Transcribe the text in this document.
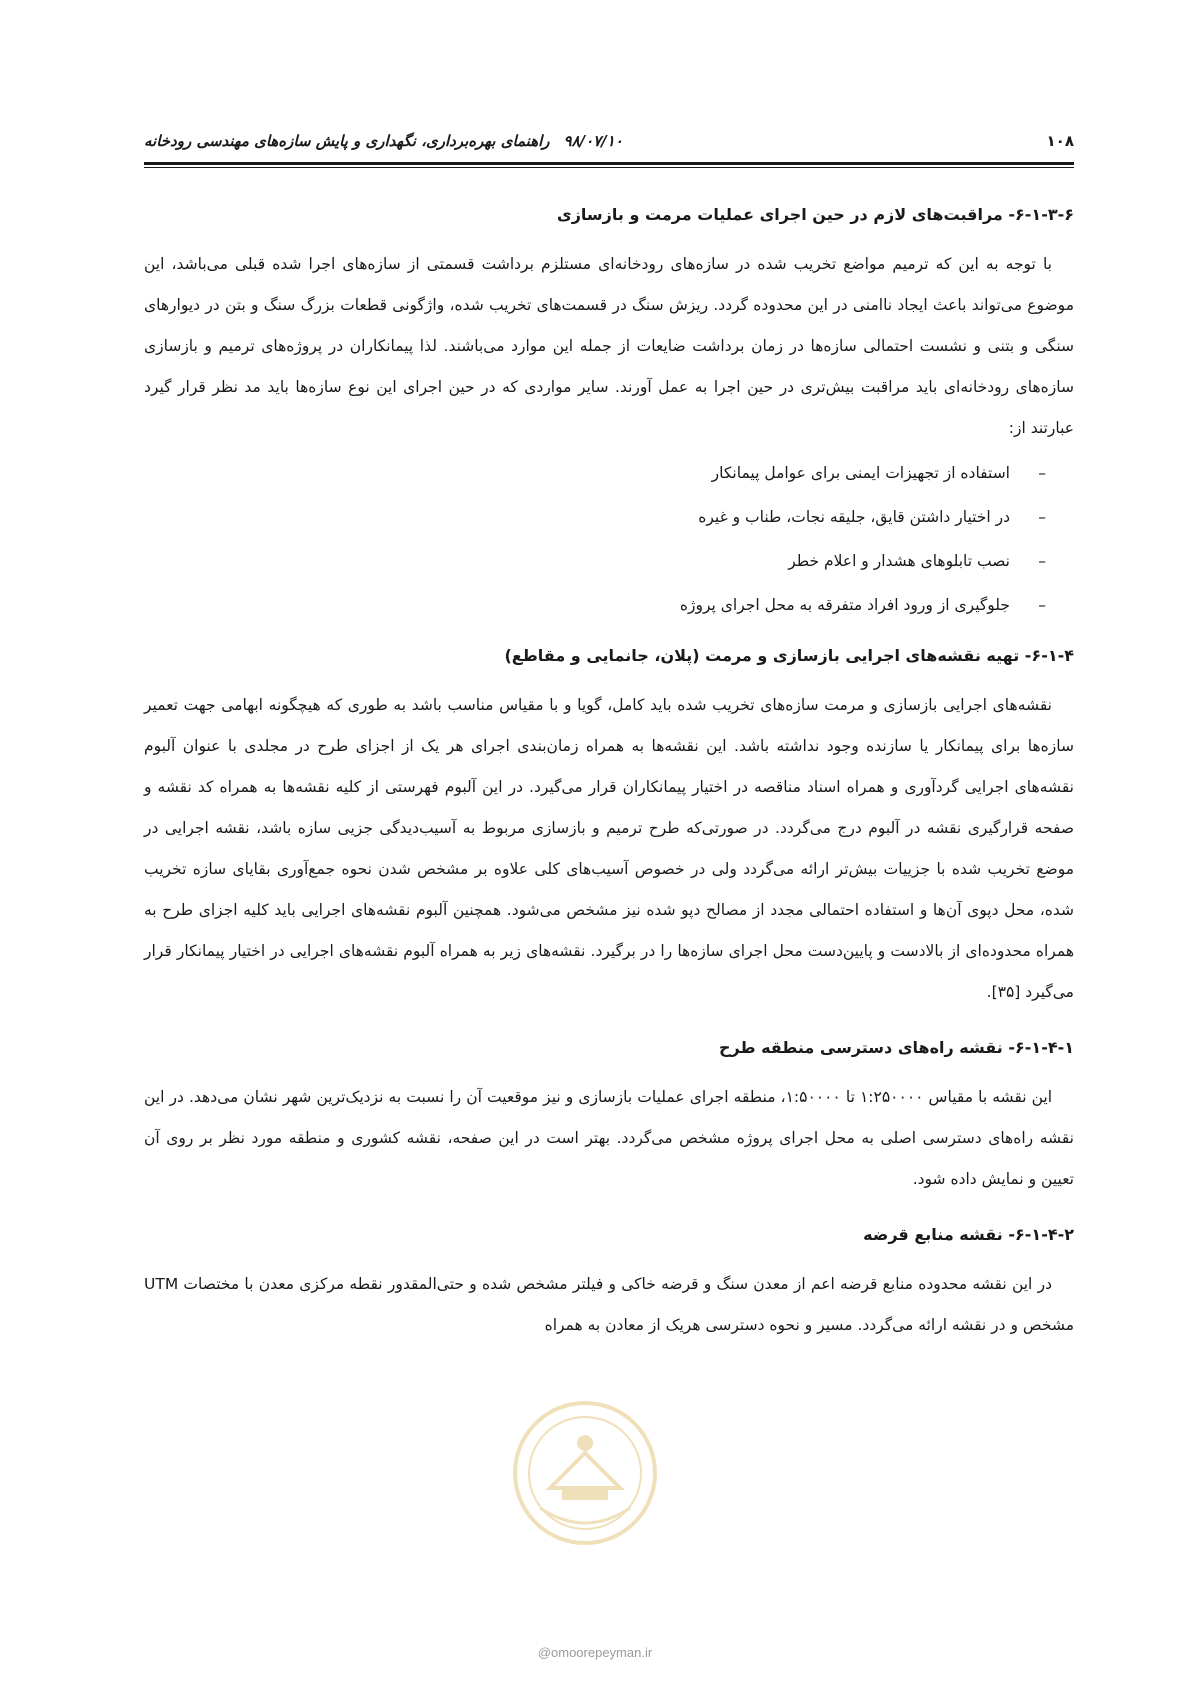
۱۰۸
۹۸/۰۷/۱۰راهنمای بهره‌برداری، نگهداری و پایش سازه‌های مهندسی رودخانه
۶-۱-۳-۶- مراقبت‌های لازم در حین اجرای عملیات مرمت و بازسازی

با توجه به این که ترمیم مواضع تخریب شده در سازه‌های رودخانه‌ای مستلزم برداشت قسمتی از سازه‌های اجرا شده قبلی می‌باشد، این موضوع می‌تواند باعث ایجاد ناامنی در این محدوده گردد. ریزش سنگ در قسمت‌های تخریب شده، واژگونی قطعات بزرگ سنگ و بتن در دیوارهای سنگی و بتنی و نشست احتمالی سازه‌ها در زمان برداشت ضایعات از جمله این موارد می‌باشند. لذا پیمانکاران در پروژه‌های ترمیم و بازسازی سازه‌های رودخانه‌ای باید مراقبت بیش‌تری در حین اجرا به عمل آورند. سایر مواردی که در حین اجرای این نوع سازه‌ها باید مد نظر قرار گیرد عبارتند از:

–
استفاده از تجهیزات ایمنی برای عوامل پیمانکار
–
در اختیار داشتن قایق، جلیقه نجات، طناب و غیره
–
نصب تابلوهای هشدار و اعلام خطر
–
جلوگیری از ورود افراد متفرقه به محل اجرای پروژه
۶-۱-۴- تهیه نقشه‌های اجرایی بازسازی و مرمت (پلان، جانمایی و مقاطع)

نقشه‌های اجرایی بازسازی و مرمت سازه‌های تخریب شده باید کامل، گویا و با مقیاس مناسب باشد به طوری که هیچگونه ابهامی جهت تعمیر سازه‌ها برای پیمانکار یا سازنده وجود نداشته باشد. این نقشه‌ها به همراه زمان‌بندی اجرای هر یک از اجزای طرح در مجلدی با عنوان آلبوم نقشه‌های اجرایی گردآوری و همراه اسناد مناقصه در اختیار پیمانکاران قرار می‌گیرد. در این آلبوم فهرستی از کلیه نقشه‌ها به همراه کد نقشه و صفحه قرارگیری نقشه در آلبوم درج می‌گردد. در صورتی‌که طرح ترمیم و بازسازی مربوط به آسیب‌دیدگی جزیی سازه باشد، نقشه اجرایی در موضع تخریب شده با جزییات بیش‌تر ارائه می‌گردد ولی در خصوص آسیب‌های کلی علاوه بر مشخص شدن نحوه جمع‌آوری بقایای سازه تخریب شده، محل دپوی آن‌ها و استفاده احتمالی مجدد از مصالح دپو شده نیز مشخص می‌شود. همچنین آلبوم نقشه‌های اجرایی باید کلیه اجزای طرح به همراه محدوده‌ای از بالادست و پایین‌دست محل اجرای سازه‌ها را در برگیرد. نقشه‌های زیر به همراه آلبوم نقشه‌های اجرایی در اختیار پیمانکار قرار می‌گیرد [۳۵].

۶-۱-۴-۱- نقشه راه‌های دسترسی منطقه طرح

این نقشه با مقیاس ۱:۲۵۰۰۰۰ تا ۱:۵۰۰۰۰، منطقه اجرای عملیات بازسازی و نیز موقعیت آن را نسبت به نزدیک‌ترین شهر نشان می‌دهد. در این نقشه راه‌های دسترسی اصلی به محل اجرای پروژه مشخص می‌گردد. بهتر است در این صفحه، نقشه کشوری و منطقه مورد نظر بر روی آن تعیین و نمایش داده شود.

۶-۱-۴-۲- نقشه منابع قرضه

در این نقشه محدوده منابع قرضه اعم از معدن سنگ و قرضه خاکی و فیلتر مشخص شده و حتی‌المقدور نقطه مرکزی معدن با مختصات UTM مشخص و در نقشه ارائه می‌گردد. مسیر و نحوه دسترسی هریک از معادن به همراه

@omoorepeyman.ir
